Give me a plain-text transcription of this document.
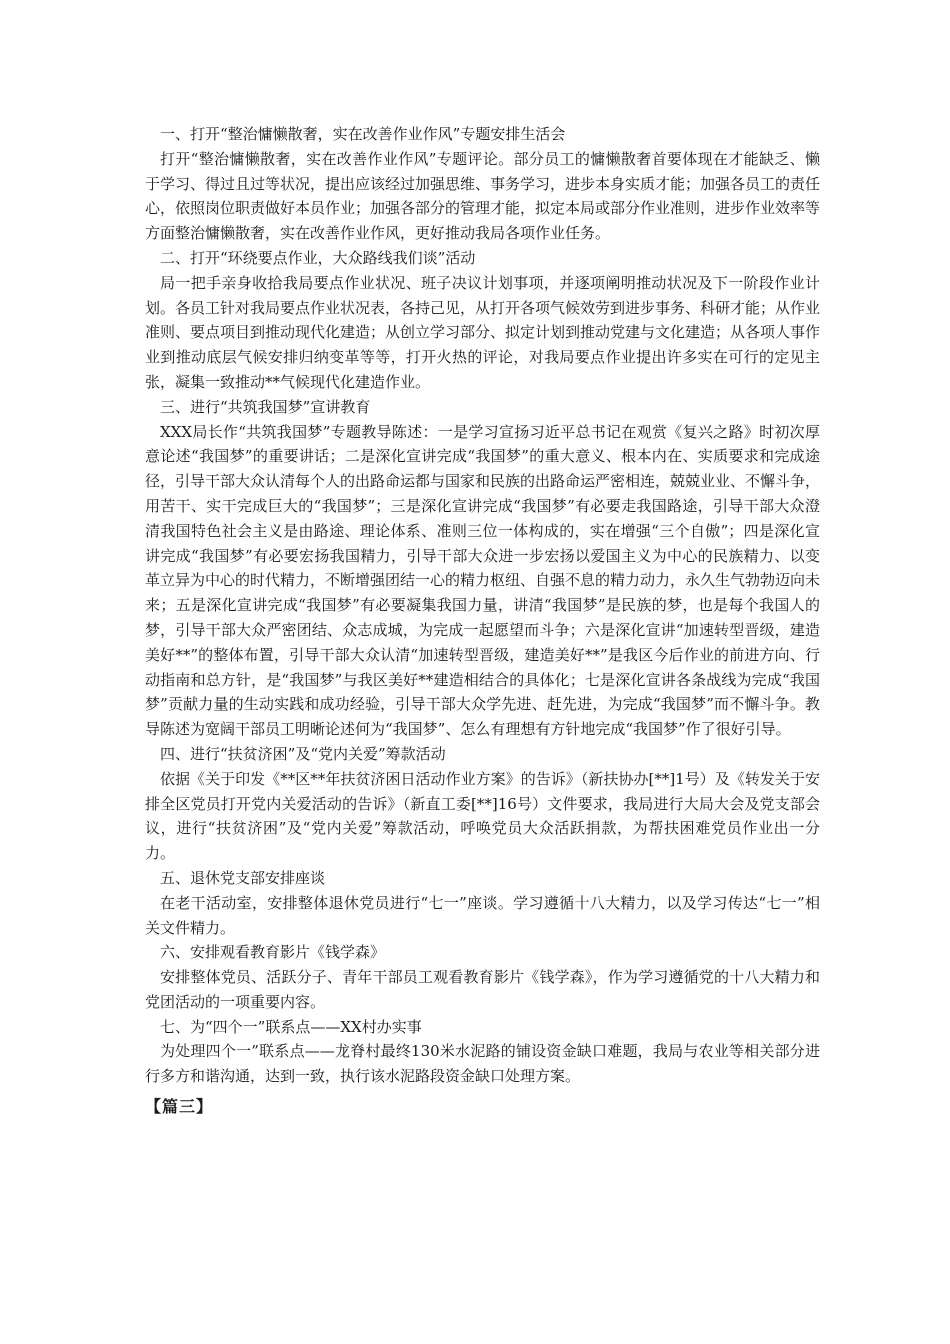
一、打开“整治慵懒散奢，实在改善作业作风”专题安排生活会
打开“整治慵懒散奢，实在改善作业作风”专题评论。部分员工的慵懒散奢首要体现在才能缺乏、懒于学习、得过且过等状况，提出应该经过加强思维、事务学习，进步本身实质才能；加强各员工的责任心，依照岗位职责做好本员作业；加强各部分的管理才能，拟定本局或部分作业准则，进步作业效率等方面整治慵懒散奢，实在改善作业作风，更好推动我局各项作业任务。
二、打开“环绕要点作业，大众路线我们谈”活动
局一把手亲身收拾我局要点作业状况、班子决议计划事项，并逐项阐明推动状况及下一阶段作业计划。各员工针对我局要点作业状况表，各持己见，从打开各项气候效劳到进步事务、科研才能；从作业准则、要点项目到推动现代化建造；从创立学习部分、拟定计划到推动党建与文化建造；从各项人事作业到推动底层气候安排归纳变革等等，打开火热的评论，对我局要点作业提出许多实在可行的定见主张，凝集一致推动**气候现代化建造作业。
三、进行“共筑我国梦”宣讲教育
XXX局长作“共筑我国梦”专题教导陈述：一是学习宣扬习近平总书记在观赏《复兴之路》时初次厚意论述“我国梦”的重要讲话；二是深化宣讲完成“我国梦”的重大意义、根本内在、实质要求和完成途径，引导干部大众认清每个人的出路命运都与国家和民族的出路命运严密相连，兢兢业业、不懈斗争，用苦干、实干完成巨大的“我国梦”；三是深化宣讲完成“我国梦”有必要走我国路途，引导干部大众澄清我国特色社会主义是由路途、理论体系、准则三位一体构成的，实在增强“三个自傲”；四是深化宣讲完成“我国梦”有必要宏扬我国精力，引导干部大众进一步宏扬以爱国主义为中心的民族精力、以变革立异为中心的时代精力，不断增强团结一心的精力枢纽、自强不息的精力动力，永久生气勃勃迈向未来；五是深化宣讲完成“我国梦”有必要凝集我国力量，讲清“我国梦”是民族的梦，也是每个我国人的梦，引导干部大众严密团结、众志成城，为完成一起愿望而斗争；六是深化宣讲“加速转型晋级，建造美好**”的整体布置，引导干部大众认清“加速转型晋级，建造美好**”是我区今后作业的前进方向、行动指南和总方针，是“我国梦”与我区美好**建造相结合的具体化；七是深化宣讲各条战线为完成“我国梦”贡献力量的生动实践和成功经验，引导干部大众学先进、赶先进，为完成“我国梦”而不懈斗争。教导陈述为宽阔干部员工明晰论述何为“我国梦”、怎么有理想有方针地完成“我国梦”作了很好引导。
四、进行“扶贫济困”及“党内关爱”筹款活动
依据《关于印发《**区**年扶贫济困日活动作业方案》的告诉》（新扶协办[**]1号）及《转发关于安排全区党员打开党内关爱活动的告诉》（新直工委[**]16号）文件要求，我局进行大局大会及党支部会议，进行“扶贫济困”及“党内关爱”筹款活动，呼唤党员大众活跃捐款，为帮扶困难党员作业出一分力。
五、退休党支部安排座谈
在老干活动室，安排整体退休党员进行“七一”座谈。学习遵循十八大精力，以及学习传达“七一”相关文件精力。
六、安排观看教育影片《钱学森》
安排整体党员、活跃分子、青年干部员工观看教育影片《钱学森》，作为学习遵循党的十八大精力和党团活动的一项重要内容。
七、为“四个一”联系点——XX村办实事
为处理四个一”联系点——龙脊村最终130米水泥路的铺设资金缺口难题，我局与农业等相关部分进行多方和谐沟通，达到一致，执行该水泥路段资金缺口处理方案。
【篇三】
